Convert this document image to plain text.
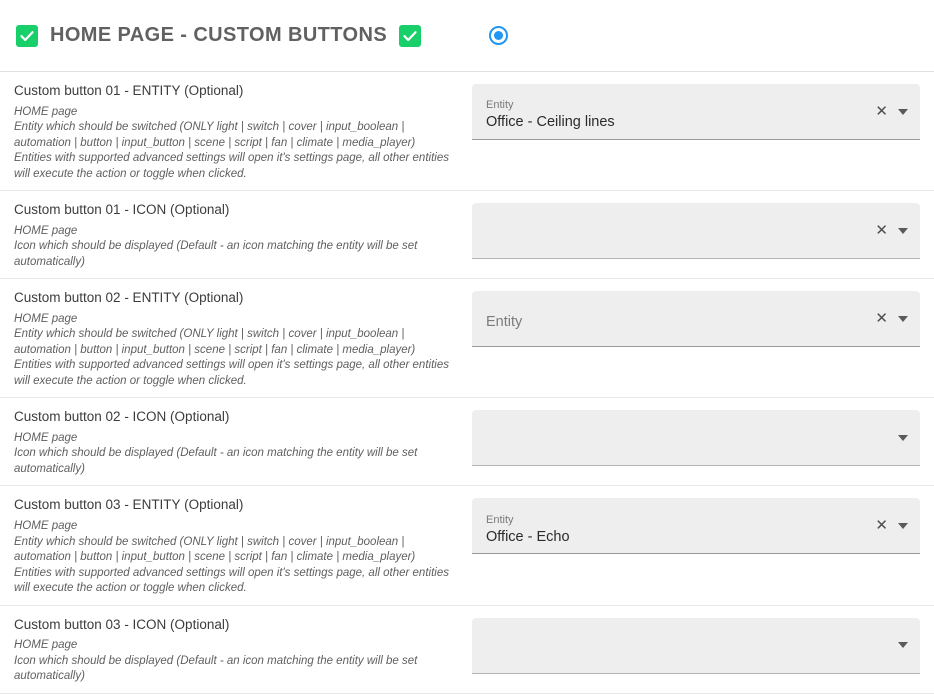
HOME PAGE - CUSTOM BUTTONS
Custom button 01 - ENTITY (Optional)
HOME page
Entity which should be switched (ONLY light | switch | cover | input_boolean | automation | button | input_button | scene | script | fan | climate | media_player)
Entities with supported advanced settings will open it's settings page, all other entities will execute the action or toggle when clicked.
Entity
Office - Ceiling lines
✕
Custom button 01 - ICON (Optional)
HOME page
Icon which should be displayed (Default - an icon matching the entity will be set automatically)
✕
Custom button 02 - ENTITY (Optional)
HOME page
Entity which should be switched (ONLY light | switch | cover | input_boolean | automation | button | input_button | scene | script | fan | climate | media_player)
Entities with supported advanced settings will open it's settings page, all other entities will execute the action or toggle when clicked.
Entity	✕
Custom button 02 - ICON (Optional)
HOME page
Icon which should be displayed (Default - an icon matching the entity will be set automatically)
Custom button 03 - ENTITY (Optional)
HOME page
Entity which should be switched (ONLY light | switch | cover | input_boolean | automation | button | input_button | scene | script | fan | climate | media_player)
Entities with supported advanced settings will open it's settings page, all other entities will execute the action or toggle when clicked.
Entity
Office - Echo
✕
Custom button 03 - ICON (Optional)
HOME page
Icon which should be displayed (Default - an icon matching the entity will be set automatically)
